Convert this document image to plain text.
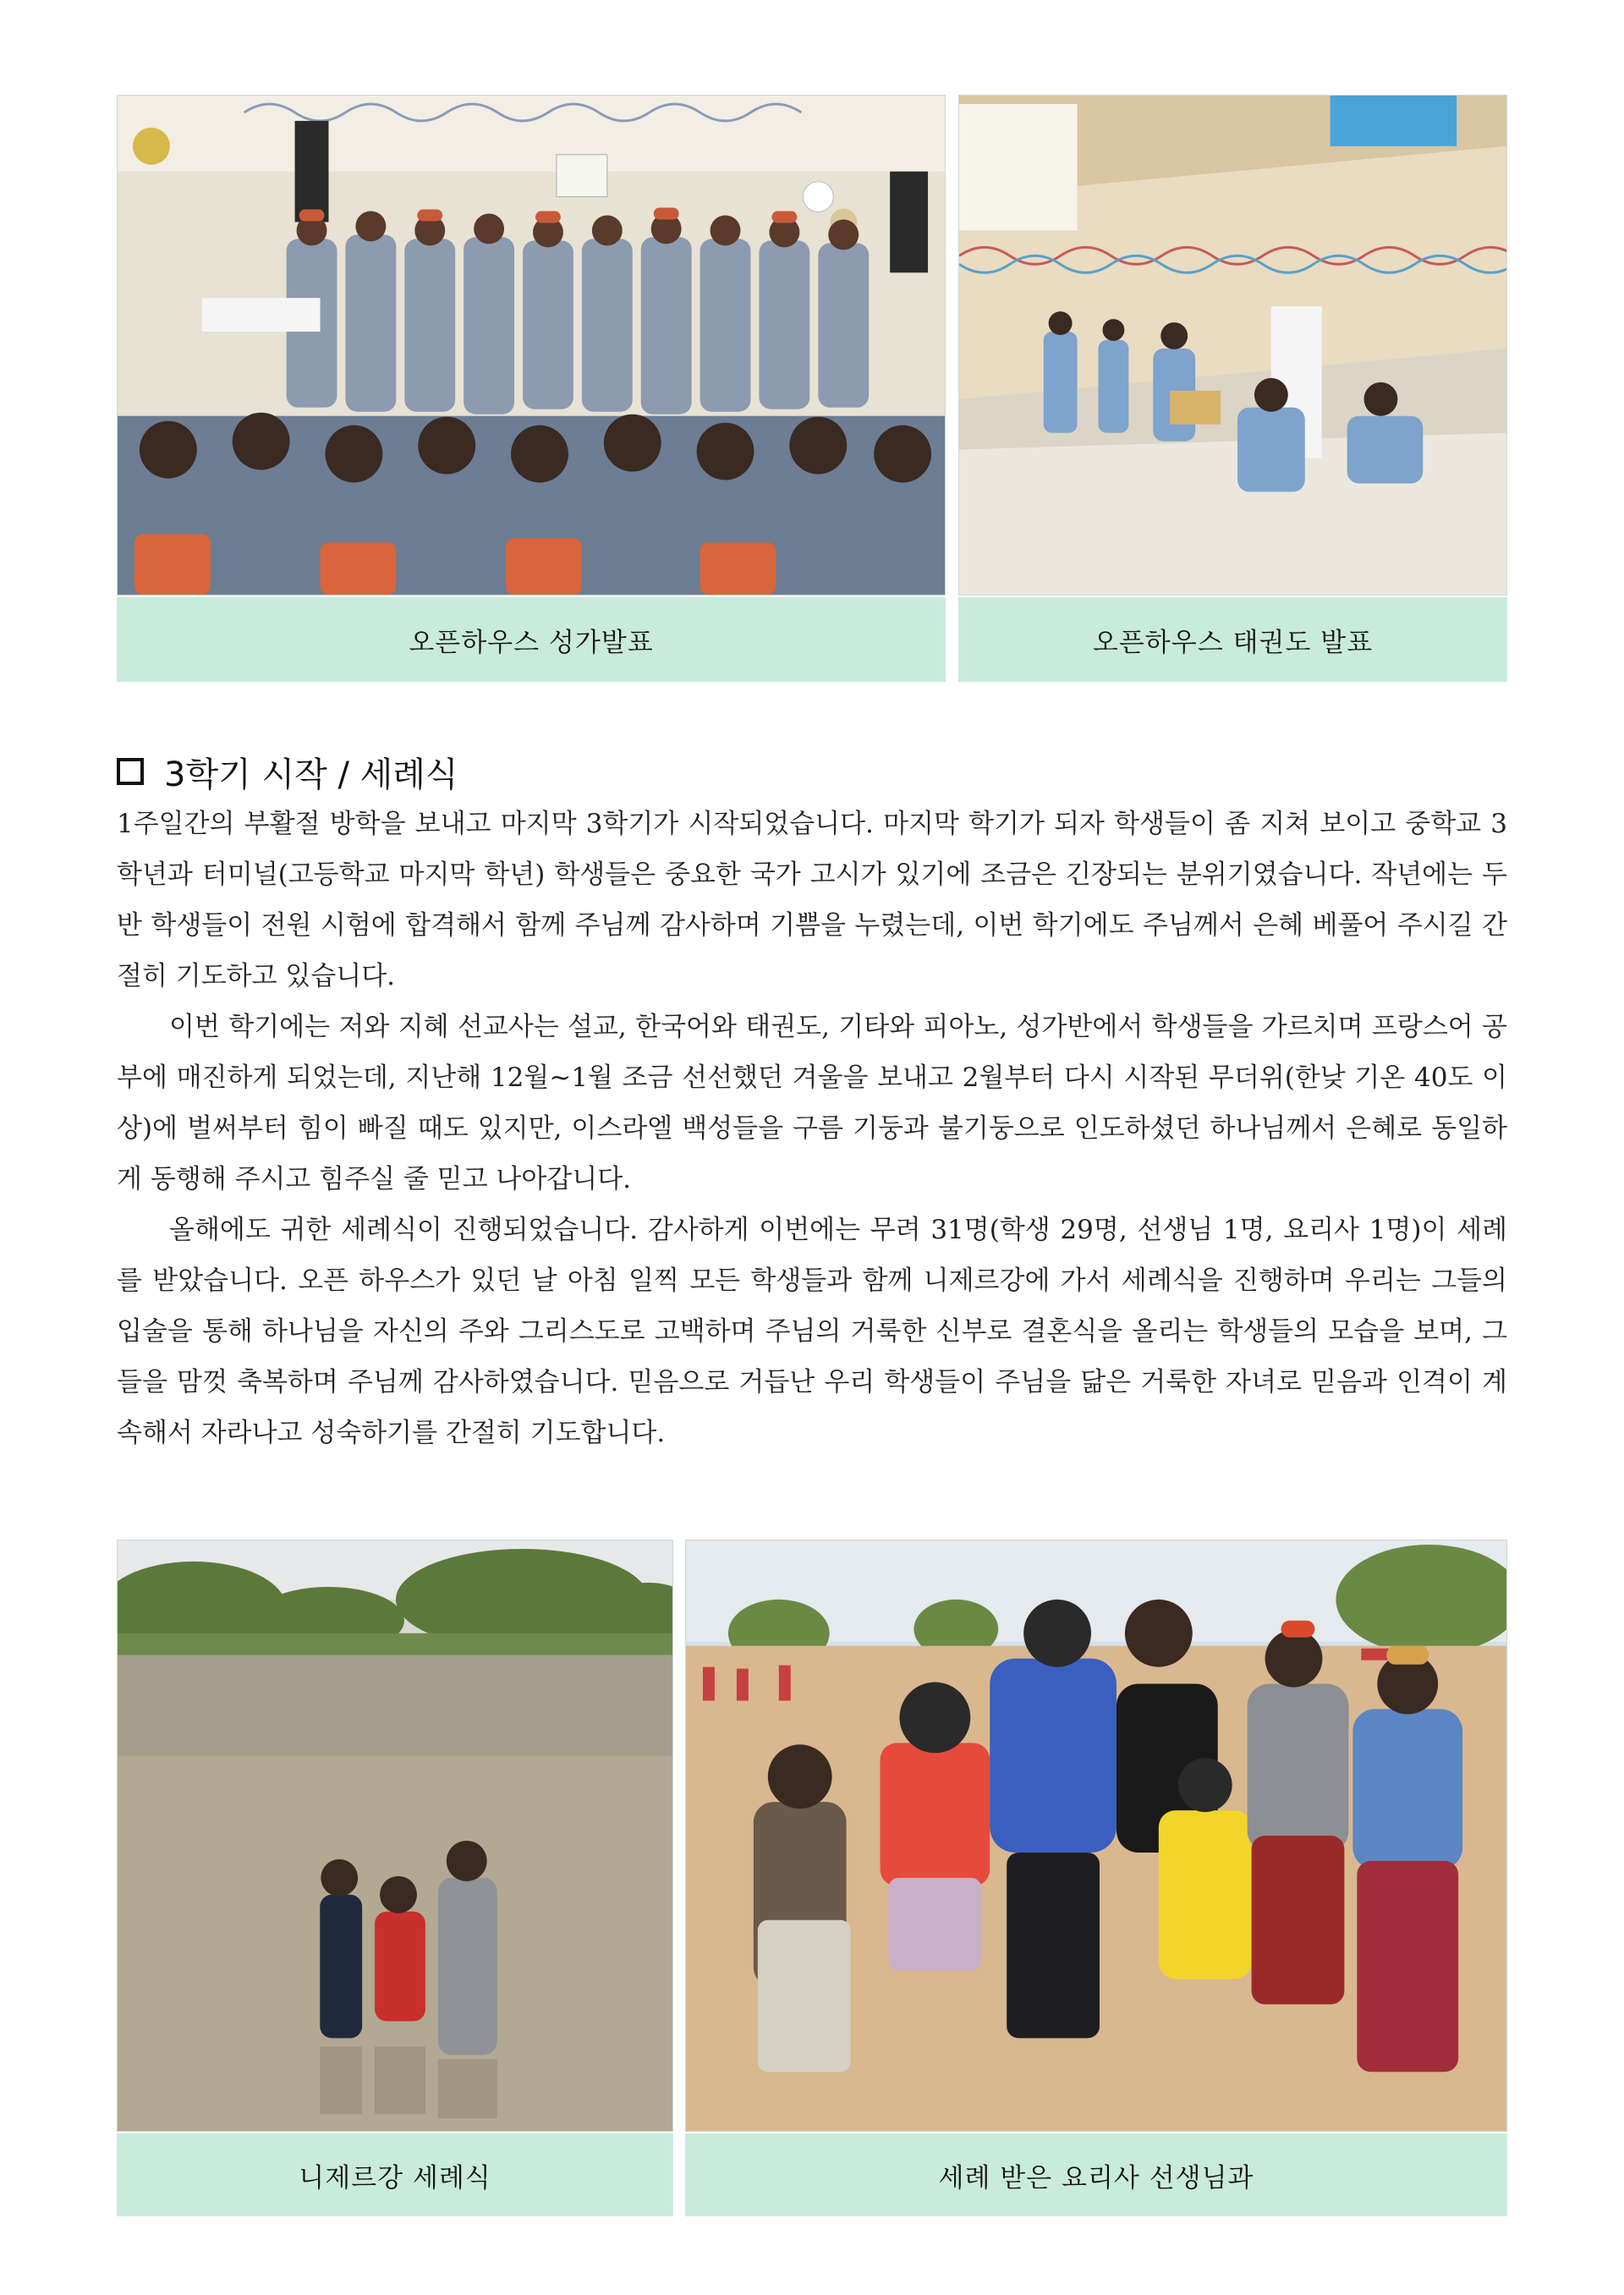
오픈하우스 성가발표	오픈하우스 태권도 발표
3학기 시작 / 세례식

1주일간의 부활절 방학을 보내고 마지막 3학기가 시작되었습니다. 마지막 학기가 되자 학생들이 좀 지쳐 보이고 중학교 3학년과 터미널(고등학교 마지막 학년) 학생들은 중요한 국가 고시가 있기에 조금은 긴장되는 분위기였습니다. 작년에는 두 반 학생들이 전원 시험에 합격해서 함께 주님께 감사하며 기쁨을 누렸는데, 이번 학기에도 주님께서 은혜 베풀어 주시길 간절히 기도하고 있습니다.

이번 학기에는 저와 지혜 선교사는 설교, 한국어와 태권도, 기타와 피아노, 성가반에서 학생들을 가르치며 프랑스어 공부에 매진하게 되었는데, 지난해 12월~1월 조금 선선했던 겨울을 보내고 2월부터 다시 시작된 무더위(한낮 기온 40도 이상)에 벌써부터 힘이 빠질 때도 있지만, 이스라엘 백성들을 구름 기둥과 불기둥으로 인도하셨던 하나님께서 은혜로 동일하게 동행해 주시고 힘주실 줄 믿고 나아갑니다.

올해에도 귀한 세례식이 진행되었습니다. 감사하게 이번에는 무려 31명(학생 29명, 선생님 1명, 요리사 1명)이 세례를 받았습니다. 오픈 하우스가 있던 날 아침 일찍 모든 학생들과 함께 니제르강에 가서 세례식을 진행하며 우리는 그들의 입술을 통해 하나님을 자신의 주와 그리스도로 고백하며 주님의 거룩한 신부로 결혼식을 올리는 학생들의 모습을 보며, 그들을 맘껏 축복하며 주님께 감사하였습니다. 믿음으로 거듭난 우리 학생들이 주님을 닮은 거룩한 자녀로 믿음과 인격이 계속해서 자라나고 성숙하기를 간절히 기도합니다.

니제르강 세례식	세례 받은 요리사 선생님과
